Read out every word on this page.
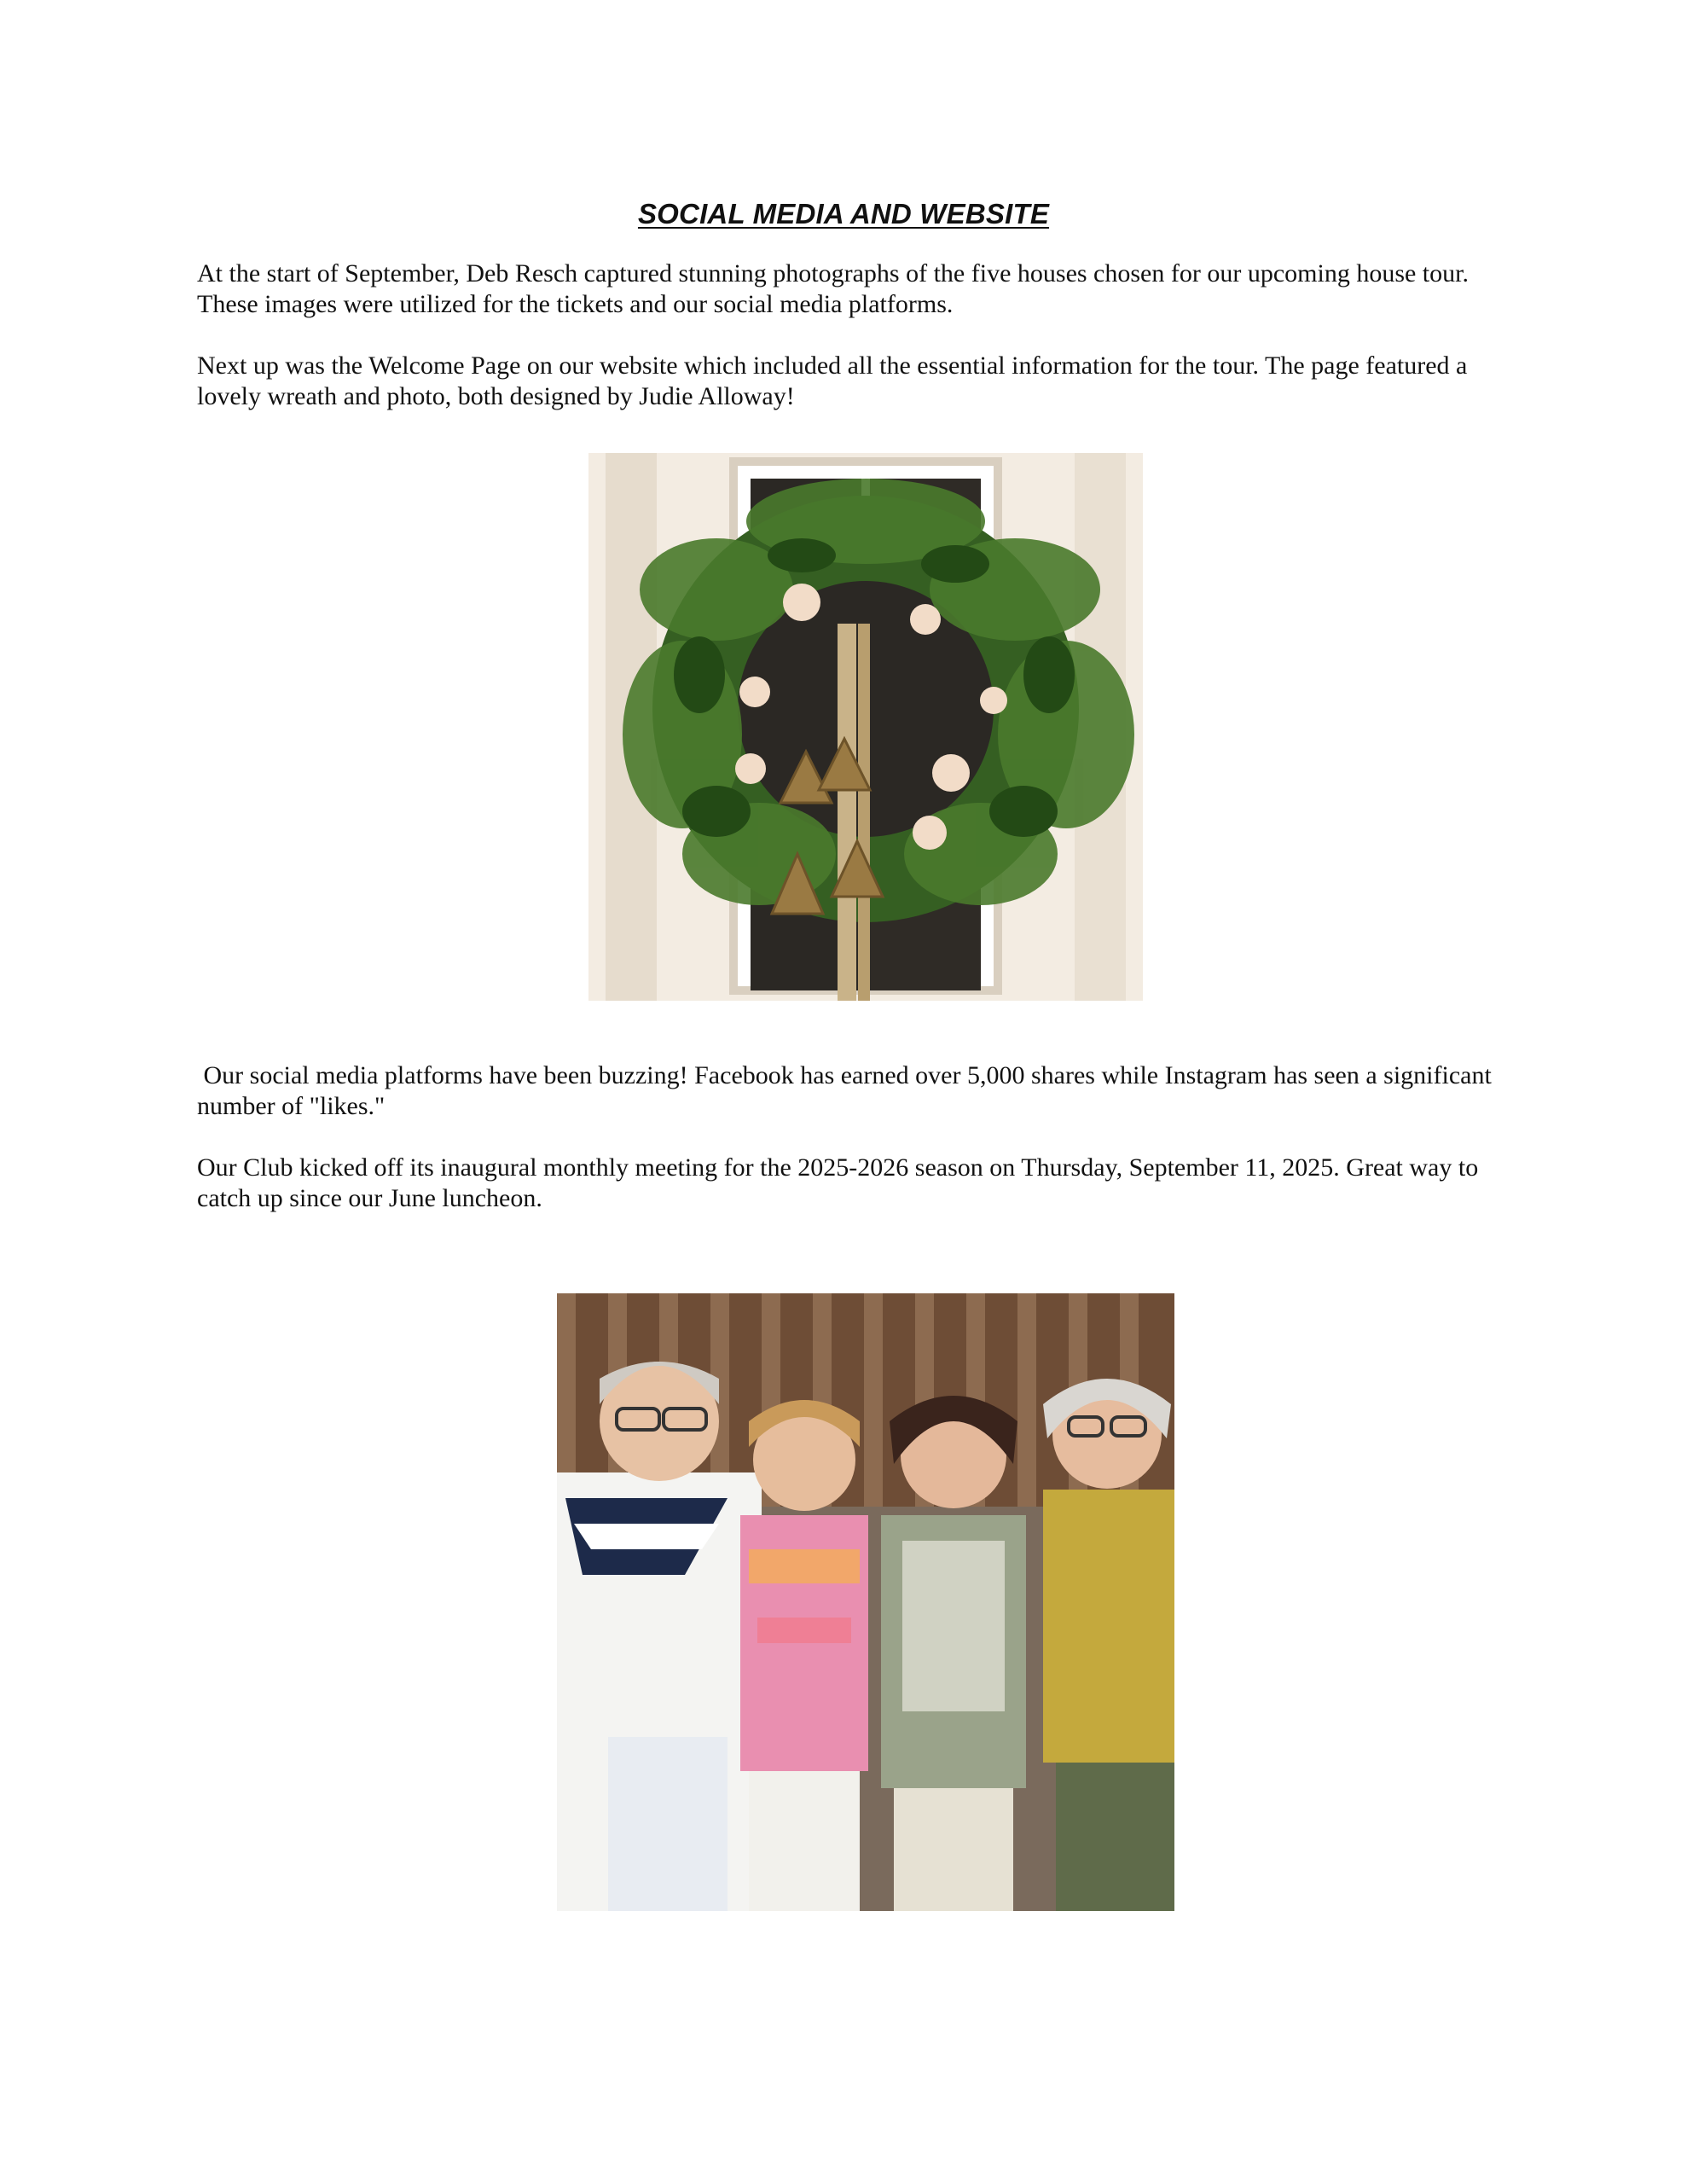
SOCIAL MEDIA AND WEBSITE

At the start of September, Deb Resch captured stunning photographs of the five houses chosen for our upcoming house tour. These images were utilized for the tickets and our social media platforms.

Next up was the Welcome Page on our website which included all the essential information for the tour. The page featured a lovely wreath and photo, both designed by Judie Alloway!

Our social media platforms have been buzzing! Facebook has earned over 5,000 shares while Instagram has seen a significant number of "likes."

Our Club kicked off its inaugural monthly meeting for the 2025-2026 season on Thursday, September 11, 2025. Great way to catch up since our June luncheon.
